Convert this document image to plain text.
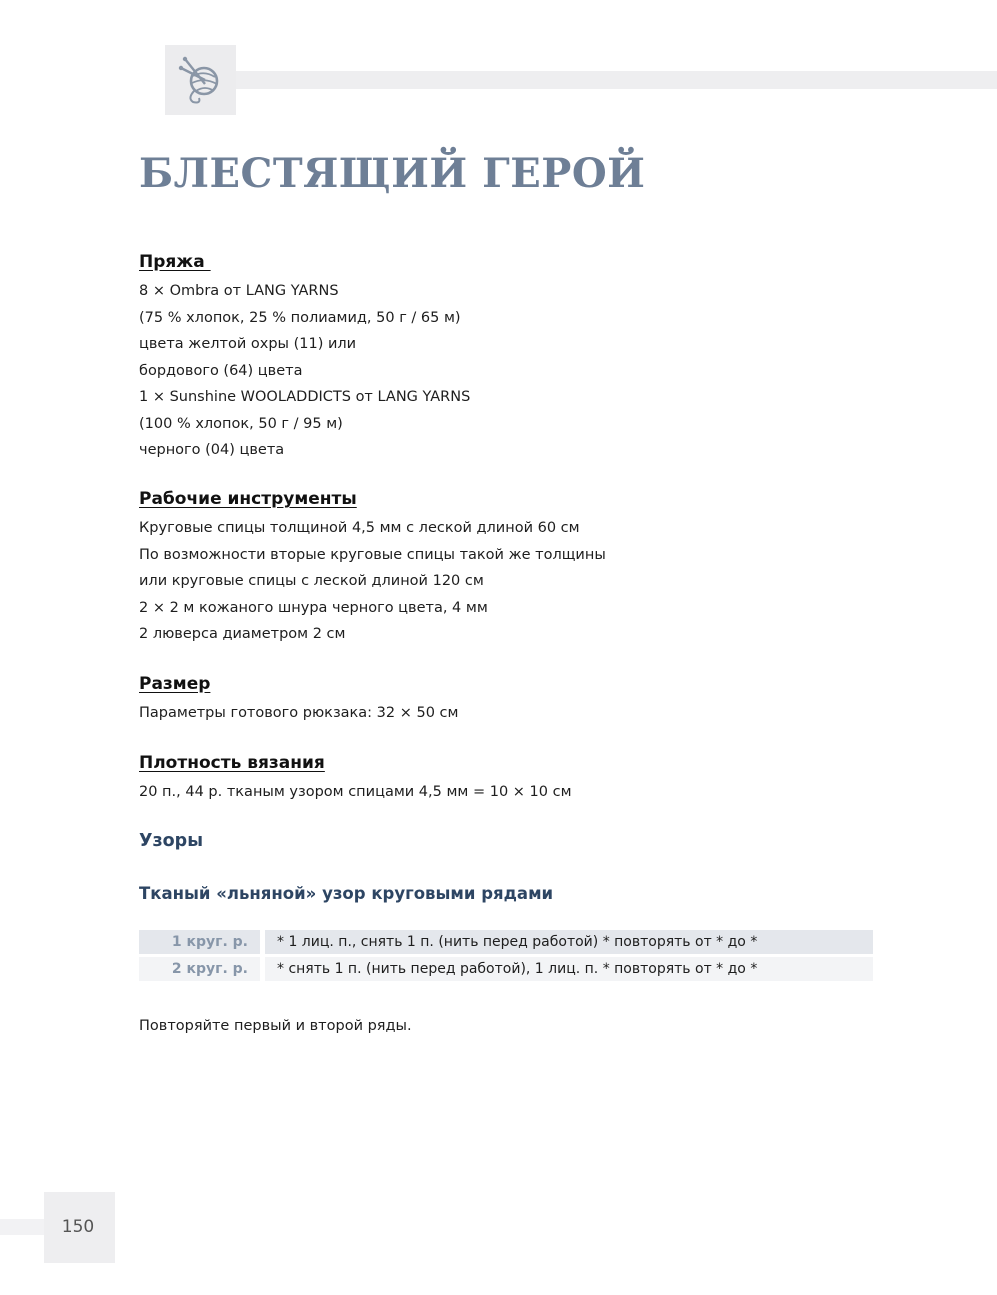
БЛЕСТЯЩИЙ ГЕРОЙ

Пряжа

8 × Ombra от LANG YARNS
(75 % хлопок, 25 % полиамид, 50 г / 65 м)
цвета желтой охры (11) или
бордового (64) цвета
1 × Sunshine WOOLADDICTS от LANG YARNS
(100 % хлопок, 50 г / 95 м)
черного (04) цвета

Рабочие инструменты

Круговые спицы толщиной 4,5 мм с леской длиной 60 см
По возможности вторые круговые спицы такой же толщины
или круговые спицы с леской длиной 120 см
2 × 2 м кожаного шнура черного цвета, 4 мм
2 люверса диаметром 2 см

Размер

Параметры готового рюкзака: 32 × 50 см

Плотность вязания

20 п., 44 р. тканым узором спицами 4,5 мм = 10 × 10 см
Узоры
Тканый «льняной» узор круговыми рядами
1 круг. р.	* 1 лиц. п., снять 1 п. (нить перед работой) * повторять от * до *
2 круг. р.	* снять 1 п. (нить перед работой), 1 лиц. п. * повторять от * до *

Повторяйте первый и второй ряды.

150
